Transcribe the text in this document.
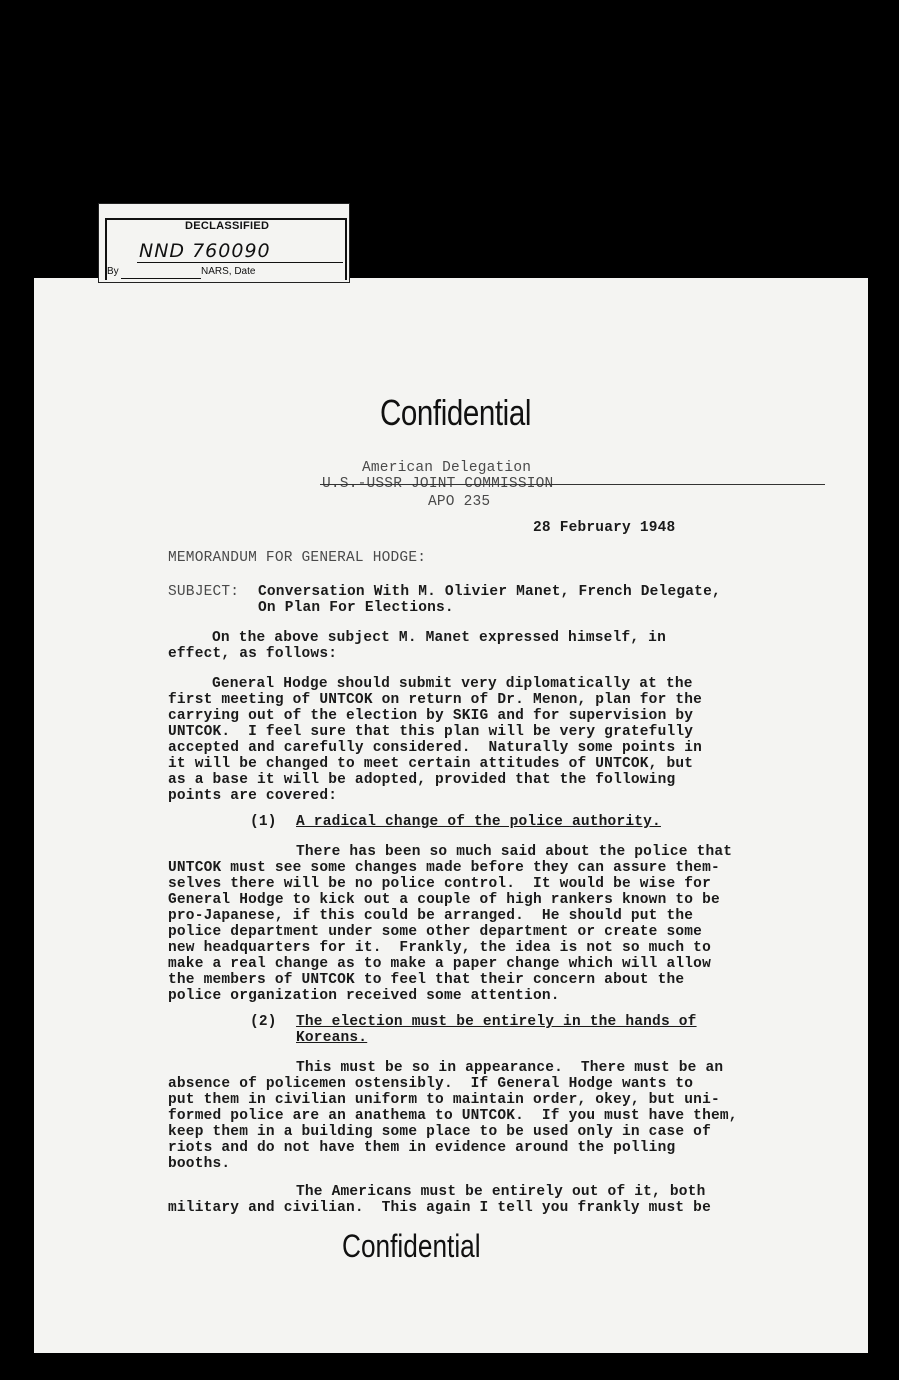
DECLASSIFIED
NND 760090
By	NARS, Date
Confidential
American Delegation
U.S.-USSR JOINT COMMISSION
APO 235
28 February 1948
MEMORANDUM FOR GENERAL HODGE:
SUBJECT: Conversation With M. Olivier Manet, French Delegate,
On Plan For Elections.
On the above subject M. Manet expressed himself, in
effect, as follows:
General Hodge should submit very diplomatically at the
first meeting of UNTCOK on return of Dr. Menon, plan for the
carrying out of the election by SKIG and for supervision by
UNTCOK.  I feel sure that this plan will be very gratefully
accepted and carefully considered.  Naturally some points in
it will be changed to meet certain attitudes of UNTCOK, but
as a base it will be adopted, provided that the following
points are covered:
(1) A radical change of the police authority.
There has been so much said about the police that
UNTCOK must see some changes made before they can assure them-
selves there will be no police control.  It would be wise for
General Hodge to kick out a couple of high rankers known to be
pro-Japanese, if this could be arranged.  He should put the
police department under some other department or create some
new headquarters for it.  Frankly, the idea is not so much to
make a real change as to make a paper change which will allow
the members of UNTCOK to feel that their concern about the
police organization received some attention.
(2) The election must be entirely in the hands of
Koreans.
This must be so in appearance.  There must be an
absence of policemen ostensibly.  If General Hodge wants to
put them in civilian uniform to maintain order, okey, but uni-
formed police are an anathema to UNTCOK.  If you must have them,
keep them in a building some place to be used only in case of
riots and do not have them in evidence around the polling
booths.
The Americans must be entirely out of it, both
military and civilian.  This again I tell you frankly must be
Confidential
